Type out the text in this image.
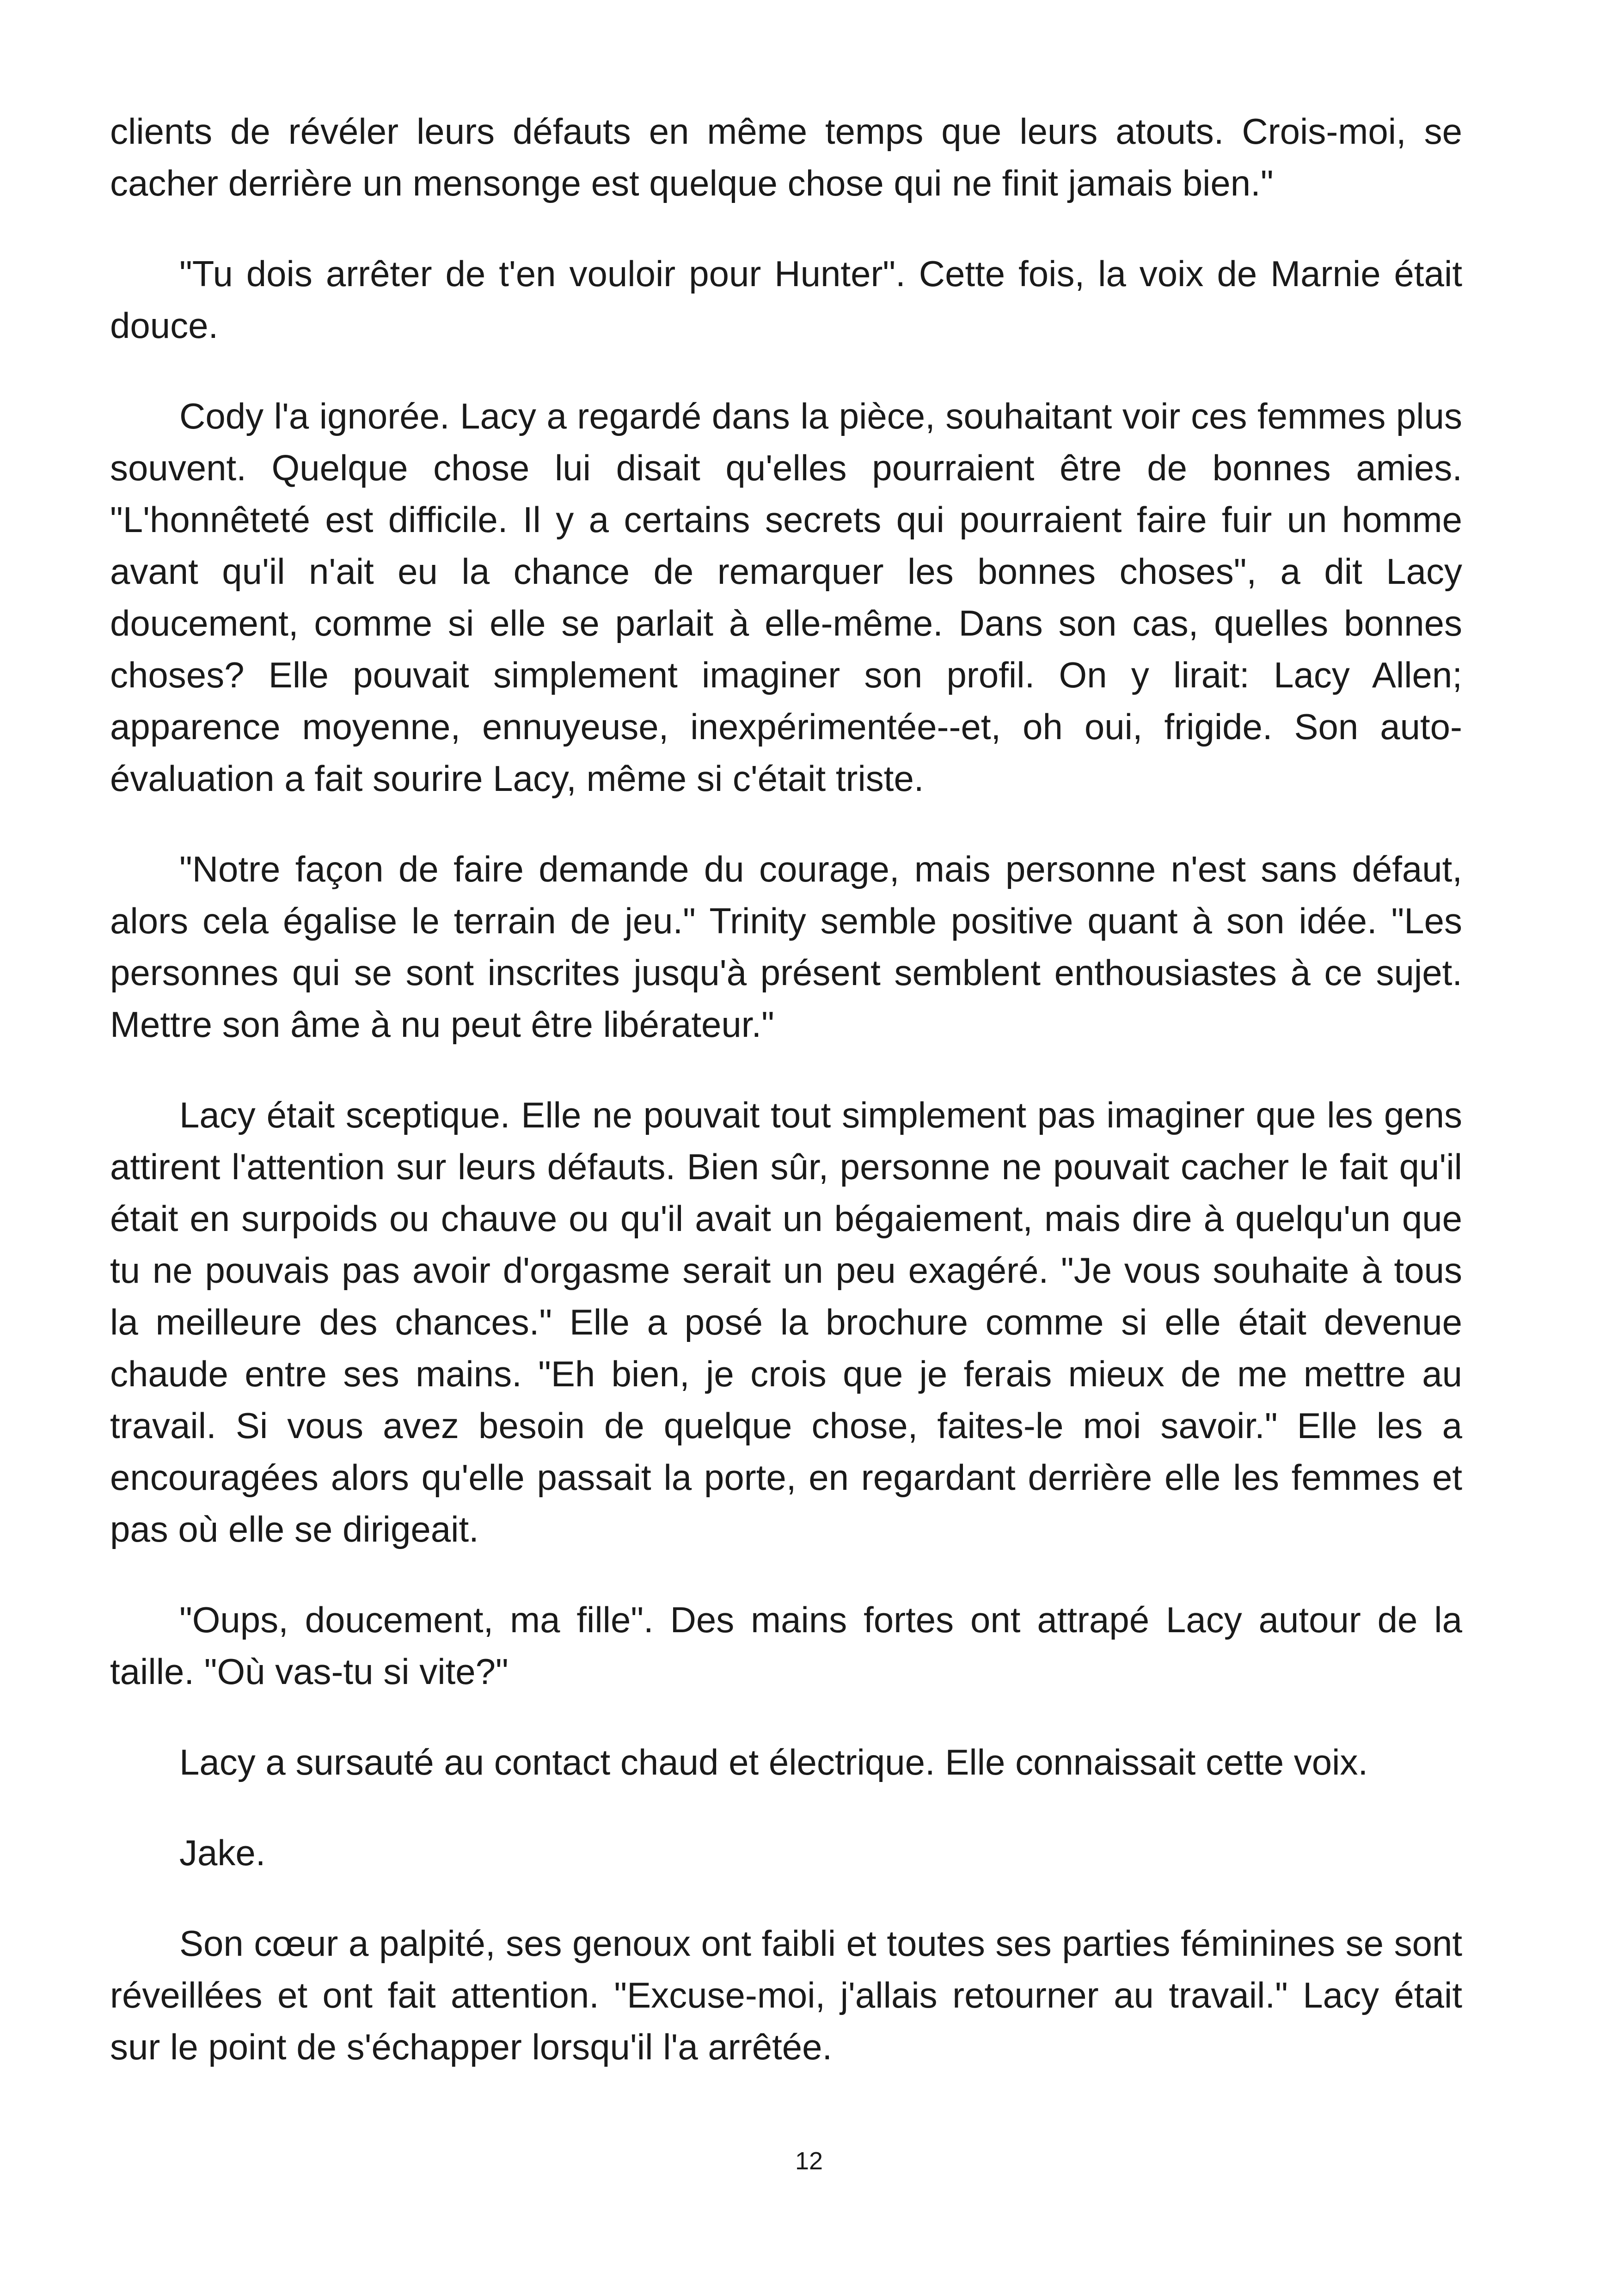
clients de révéler leurs défauts en même temps que leurs atouts. Crois-moi, se cacher derrière un mensonge est quelque chose qui ne finit jamais bien."

"Tu dois arrêter de t'en vouloir pour Hunter". Cette fois, la voix de Marnie était douce.

Cody l'a ignorée. Lacy a regardé dans la pièce, souhaitant voir ces femmes plus souvent. Quelque chose lui disait qu'elles pourraient être de bonnes amies. "L'honnêteté est difficile. Il y a certains secrets qui pourraient faire fuir un homme avant qu'il n'ait eu la chance de remarquer les bonnes choses", a dit Lacy doucement, comme si elle se parlait à elle-même. Dans son cas, quelles bonnes choses? Elle pouvait simplement imaginer son profil. On y lirait: Lacy Allen; apparence moyenne, ennuyeuse, inexpérimentée--et, oh oui, frigide. Son auto-évaluation a fait sourire Lacy, même si c'était triste.

"Notre façon de faire demande du courage, mais personne n'est sans défaut, alors cela égalise le terrain de jeu." Trinity semble positive quant à son idée. "Les personnes qui se sont inscrites jusqu'à présent semblent enthousiastes à ce sujet. Mettre son âme à nu peut être libérateur."

Lacy était sceptique. Elle ne pouvait tout simplement pas imaginer que les gens attirent l'attention sur leurs défauts. Bien sûr, personne ne pouvait cacher le fait qu'il était en surpoids ou chauve ou qu'il avait un bégaiement, mais dire à quelqu'un que tu ne pouvais pas avoir d'orgasme serait un peu exagéré. "Je vous souhaite à tous la meilleure des chances." Elle a posé la brochure comme si elle était devenue chaude entre ses mains. "Eh bien, je crois que je ferais mieux de me mettre au travail. Si vous avez besoin de quelque chose, faites-le moi savoir." Elle les a encouragées alors qu'elle passait la porte, en regardant derrière elle les femmes et pas où elle se dirigeait.

"Oups, doucement, ma fille". Des mains fortes ont attrapé Lacy autour de la taille. "Où vas-tu si vite?"

Lacy a sursauté au contact chaud et électrique. Elle connaissait cette voix.

Jake.

Son cœur a palpité, ses genoux ont faibli et toutes ses parties féminines se sont réveillées et ont fait attention. "Excuse-moi, j'allais retourner au travail." Lacy était sur le point de s'échapper lorsqu'il l'a arrêtée.

12
